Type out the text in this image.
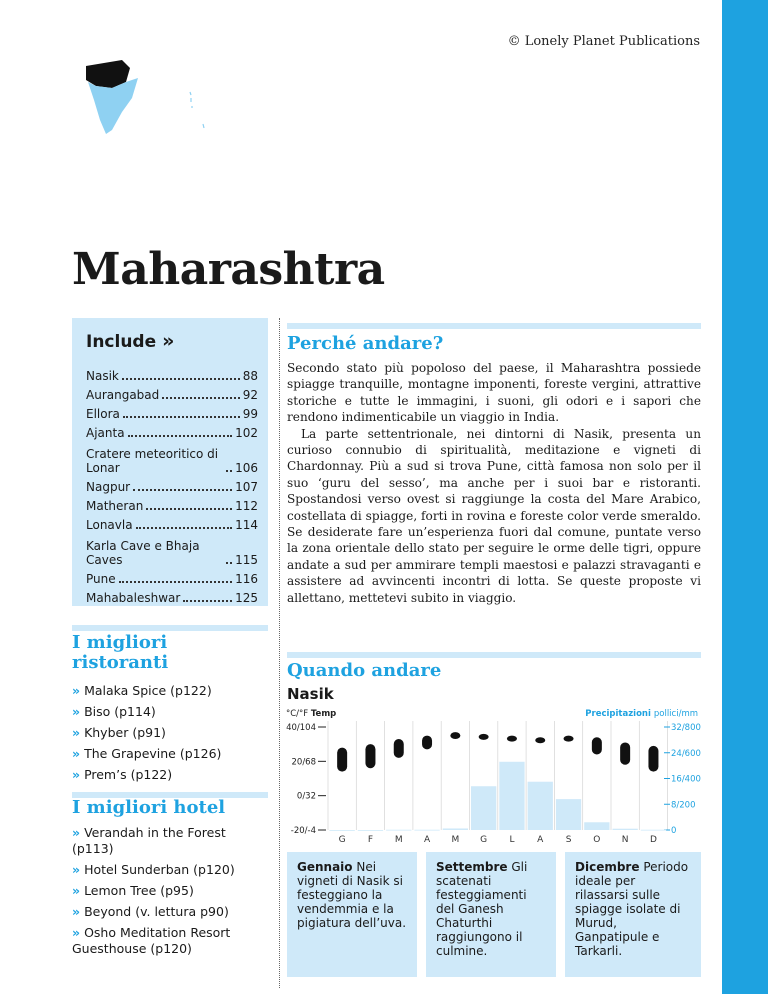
© Lonely Planet Publications
Maharashtra
Include »
Nasik	88
Aurangabad	92
Ellora	99
Ajanta	102
Cratere meteoritico di Lonar	106
Nagpur	107
Matheran	112
Lonavla	114
Karla Cave e Bhaja Caves	115
Pune	116
Mahabaleshwar	125
Perché andare?

Secondo stato più popoloso del paese, il Maharashtra possiede spiagge tranquille, montagne imponenti, foreste vergini, attrattive storiche e tutte le immagini, i suoni, gli odori e i sapori che rendono indimenticabile un viaggio in India.

La parte settentrionale, nei dintorni di Nasik, presenta un curioso connubio di spiritualità, meditazione e vigneti di Chardonnay. Più a sud si trova Pune, città famosa non solo per il suo ‘guru del sesso’, ma anche per i suoi bar e ristoranti. Spostandosi verso ovest si raggiunge la costa del Mare Arabico, costellata di spiagge, forti in rovina e foreste color verde smeraldo. Se desiderate fare un’esperienza fuori dal comune, puntate verso la zona orientale dello stato per seguire le orme delle tigri, oppure andate a sud per ammirare templi maestosi e palazzi stravaganti e assistere ad avvincenti incontri di lotta. Se queste proposte vi allettano, mettetevi subito in viaggio.

I migliori ristoranti
» Malaka Spice (p122)
» Biso (p114)
» Khyber (p91)
» The Grapevine (p126)
» Prem’s (p122)
I migliori hotel
» Verandah in the Forest (p113)
» Hotel Sunderban (p120)
» Lemon Tree (p95)
» Beyond (v. lettura p90)
» Osho Meditation Resort Guesthouse (p120)
Quando andare
Nasik
°C/°F Temp	Precipitazioni pollici/mm
40/104
20/68
0/32
-20/-4
32/800
24/600
16/400
8/200
0
G F M A M G L	A S O N D
Gennaio Nei vigneti di Nasik si festeggiano la vendemmia e la pigiatura dell’uva.
Settembre Gli scatenati festeggiamenti del Ganesh Chaturthi raggiungono il culmine.
Dicembre Periodo ideale per rilassarsi sulle spiagge isolate di Murud, Ganpatipule e Tarkarli.
